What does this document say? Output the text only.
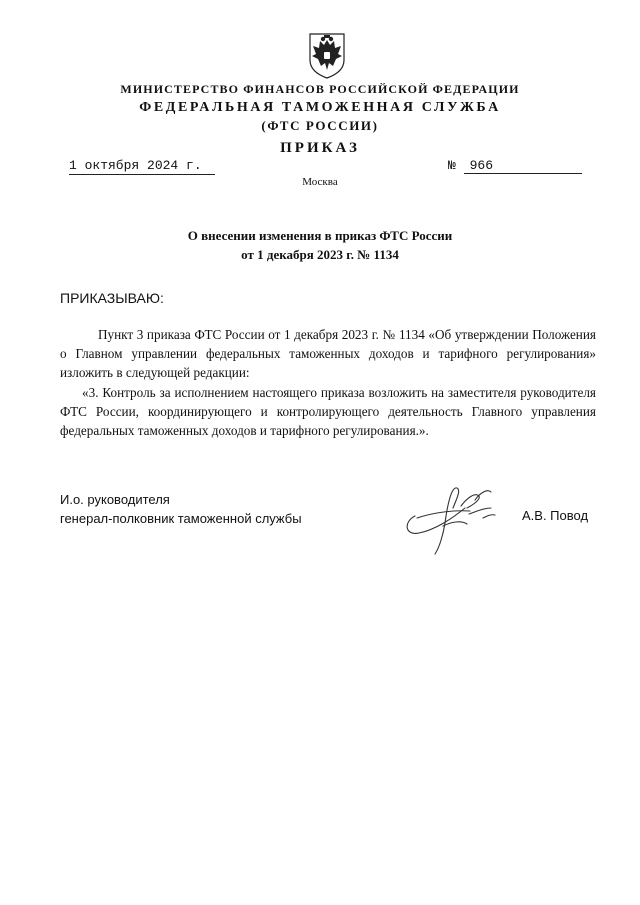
МИНИСТЕРСТВО ФИНАНСОВ РОССИЙСКОЙ ФЕДЕРАЦИИ
ФЕДЕРАЛЬНАЯ ТАМОЖЕННАЯ СЛУЖБА
(ФТС РОССИИ)
ПРИКАЗ
1 октября 2024 г.	№ 966
Москва
О внесении изменения в приказ ФТС России
от 1 декабря 2023 г. № 1134
ПРИКАЗЫВАЮ:
Пункт 3 приказа ФТС России от 1 декабря 2023 г. № 1134 «Об утверждении Положения о Главном управлении федеральных таможенных доходов и тарифного регулирования» изложить в следующей редакции:
«3. Контроль за исполнением настоящего приказа возложить на заместителя руководителя ФТС России, координирующего и контролирующего деятельность Главного управления федеральных таможенных доходов и тарифного регулирования.».
И.о. руководителя
генерал-полковник таможенной службы	А.В. Повод
